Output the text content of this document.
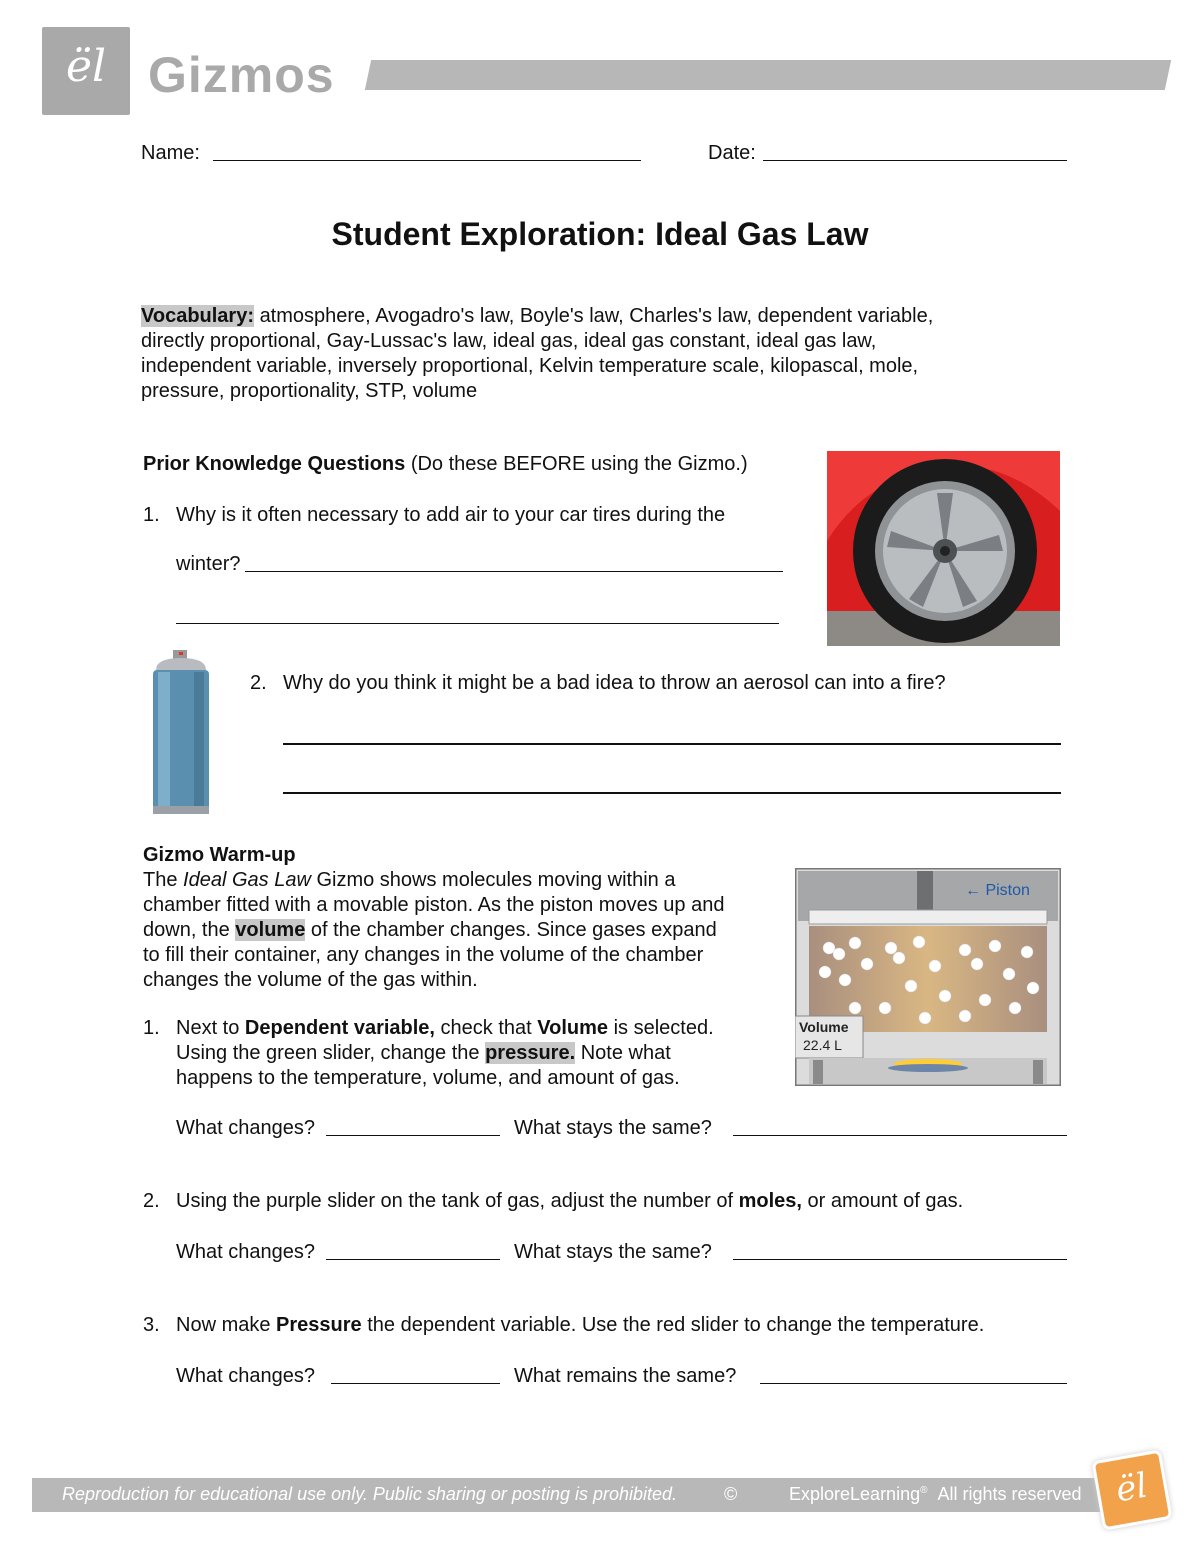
ël Gizmos
Name:	Date:
Student Exploration: Ideal Gas Law
Vocabulary: atmosphere, Avogadro's law, Boyle's law, Charles's law, dependent variable,
directly proportional, Gay-Lussac's law, ideal gas, ideal gas constant, ideal gas law,
independent variable, inversely proportional, Kelvin temperature scale, kilopascal, mole,
pressure, proportionality, STP, volume
Prior Knowledge Questions (Do these BEFORE using the Gizmo.)
1. Why is it often necessary to add air to your car tires during the
winter?
2. Why do you think it might be a bad idea to throw an aerosol can into a fire?
Gizmo Warm-up
The Ideal Gas Law Gizmo shows molecules moving within a
chamber fitted with a movable piston. As the piston moves up and
down, the volume of the chamber changes. Since gases expand
to fill their container, any changes in the volume of the chamber
changes the volume of the gas within.
← Piston
Volume
22.4 L
1. Next to Dependent variable, check that Volume is selected.
Using the green slider, change the pressure. Note what
happens to the temperature, volume, and amount of gas.
What changes?	What stays the same?
2. Using the purple slider on the tank of gas, adjust the number of moles, or amount of gas.
What changes?	What stays the same?
3. Now make Pressure the dependent variable. Use the red slider to change the temperature.
What changes?	What remains the same?
Reproduction for educational use only. Public sharing or posting is prohibited.	©	ExploreLearning® All rights reserved ël
